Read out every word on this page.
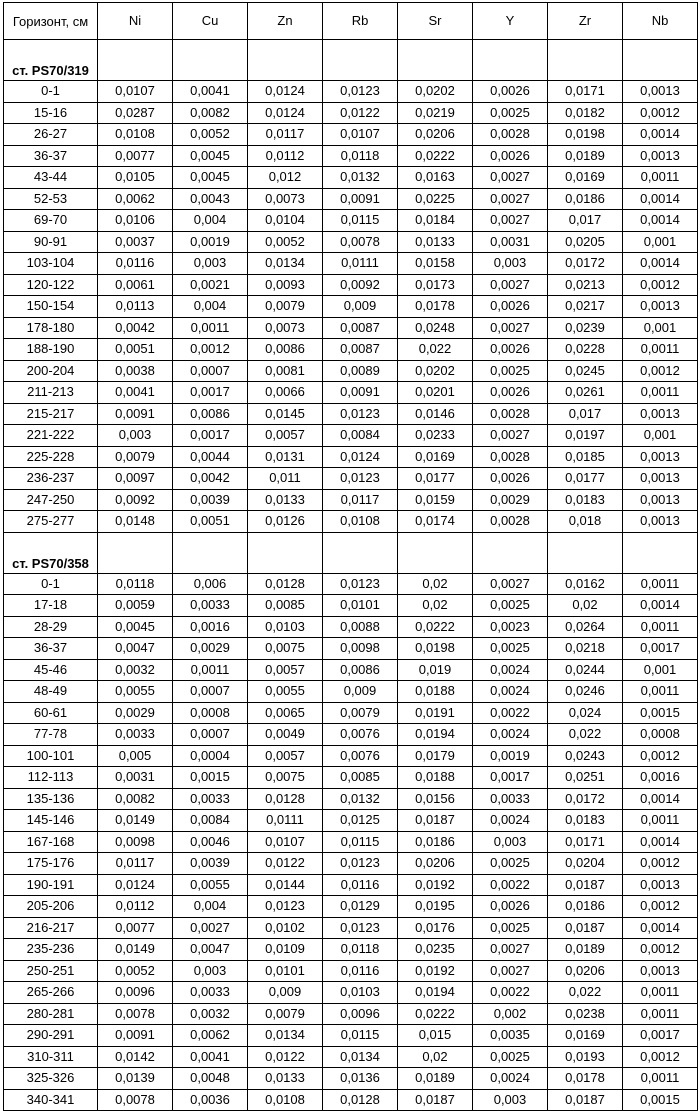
Горизонт, см	Ni	Cu	Zn	Rb	Sr	Y	Zr	Nb
ст. PS70/319								
0-1	0,0107	0,0041	0,0124	0,0123	0,0202	0,0026	0,0171	0,0013
15-16	0,0287	0,0082	0,0124	0,0122	0,0219	0,0025	0,0182	0,0012
26-27	0,0108	0,0052	0,0117	0,0107	0,0206	0,0028	0,0198	0,0014
36-37	0,0077	0,0045	0,0112	0,0118	0,0222	0,0026	0,0189	0,0013
43-44	0,0105	0,0045	0,012	0,0132	0,0163	0,0027	0,0169	0,0011
52-53	0,0062	0,0043	0,0073	0,0091	0,0225	0,0027	0,0186	0,0014
69-70	0,0106	0,004	0,0104	0,0115	0,0184	0,0027	0,017	0,0014
90-91	0,0037	0,0019	0,0052	0,0078	0,0133	0,0031	0,0205	0,001
103-104	0,0116	0,003	0,0134	0,0111	0,0158	0,003	0,0172	0,0014
120-122	0,0061	0,0021	0,0093	0,0092	0,0173	0,0027	0,0213	0,0012
150-154	0,0113	0,004	0,0079	0,009	0,0178	0,0026	0,0217	0,0013
178-180	0,0042	0,0011	0,0073	0,0087	0,0248	0,0027	0,0239	0,001
188-190	0,0051	0,0012	0,0086	0,0087	0,022	0,0026	0,0228	0,0011
200-204	0,0038	0,0007	0,0081	0,0089	0,0202	0,0025	0,0245	0,0012
211-213	0,0041	0,0017	0,0066	0,0091	0,0201	0,0026	0,0261	0,0011
215-217	0,0091	0,0086	0,0145	0,0123	0,0146	0,0028	0,017	0,0013
221-222	0,003	0,0017	0,0057	0,0084	0,0233	0,0027	0,0197	0,001
225-228	0,0079	0,0044	0,0131	0,0124	0,0169	0,0028	0,0185	0,0013
236-237	0,0097	0,0042	0,011	0,0123	0,0177	0,0026	0,0177	0,0013
247-250	0,0092	0,0039	0,0133	0,0117	0,0159	0,0029	0,0183	0,0013
275-277	0,0148	0,0051	0,0126	0,0108	0,0174	0,0028	0,018	0,0013
ст. PS70/358								
0-1	0,0118	0,006	0,0128	0,0123	0,02	0,0027	0,0162	0,0011
17-18	0,0059	0,0033	0,0085	0,0101	0,02	0,0025	0,02	0,0014
28-29	0,0045	0,0016	0,0103	0,0088	0,0222	0,0023	0,0264	0,0011
36-37	0,0047	0,0029	0,0075	0,0098	0,0198	0,0025	0,0218	0,0017
45-46	0,0032	0,0011	0,0057	0,0086	0,019	0,0024	0,0244	0,001
48-49	0,0055	0,0007	0,0055	0,009	0,0188	0,0024	0,0246	0,0011
60-61	0,0029	0,0008	0,0065	0,0079	0,0191	0,0022	0,024	0,0015
77-78	0,0033	0,0007	0,0049	0,0076	0,0194	0,0024	0,022	0,0008
100-101	0,005	0,0004	0,0057	0,0076	0,0179	0,0019	0,0243	0,0012
112-113	0,0031	0,0015	0,0075	0,0085	0,0188	0,0017	0,0251	0,0016
135-136	0,0082	0,0033	0,0128	0,0132	0,0156	0,0033	0,0172	0,0014
145-146	0,0149	0,0084	0,0111	0,0125	0,0187	0,0024	0,0183	0,0011
167-168	0,0098	0,0046	0,0107	0,0115	0,0186	0,003	0,0171	0,0014
175-176	0,0117	0,0039	0,0122	0,0123	0,0206	0,0025	0,0204	0,0012
190-191	0,0124	0,0055	0,0144	0,0116	0,0192	0,0022	0,0187	0,0013
205-206	0,0112	0,004	0,0123	0,0129	0,0195	0,0026	0,0186	0,0012
216-217	0,0077	0,0027	0,0102	0,0123	0,0176	0,0025	0,0187	0,0014
235-236	0,0149	0,0047	0,0109	0,0118	0,0235	0,0027	0,0189	0,0012
250-251	0,0052	0,003	0,0101	0,0116	0,0192	0,0027	0,0206	0,0013
265-266	0,0096	0,0033	0,009	0,0103	0,0194	0,0022	0,022	0,0011
280-281	0,0078	0,0032	0,0079	0,0096	0,0222	0,002	0,0238	0,0011
290-291	0,0091	0,0062	0,0134	0,0115	0,015	0,0035	0,0169	0,0017
310-311	0,0142	0,0041	0,0122	0,0134	0,02	0,0025	0,0193	0,0012
325-326	0,0139	0,0048	0,0133	0,0136	0,0189	0,0024	0,0178	0,0011
340-341	0,0078	0,0036	0,0108	0,0128	0,0187	0,003	0,0187	0,0015
